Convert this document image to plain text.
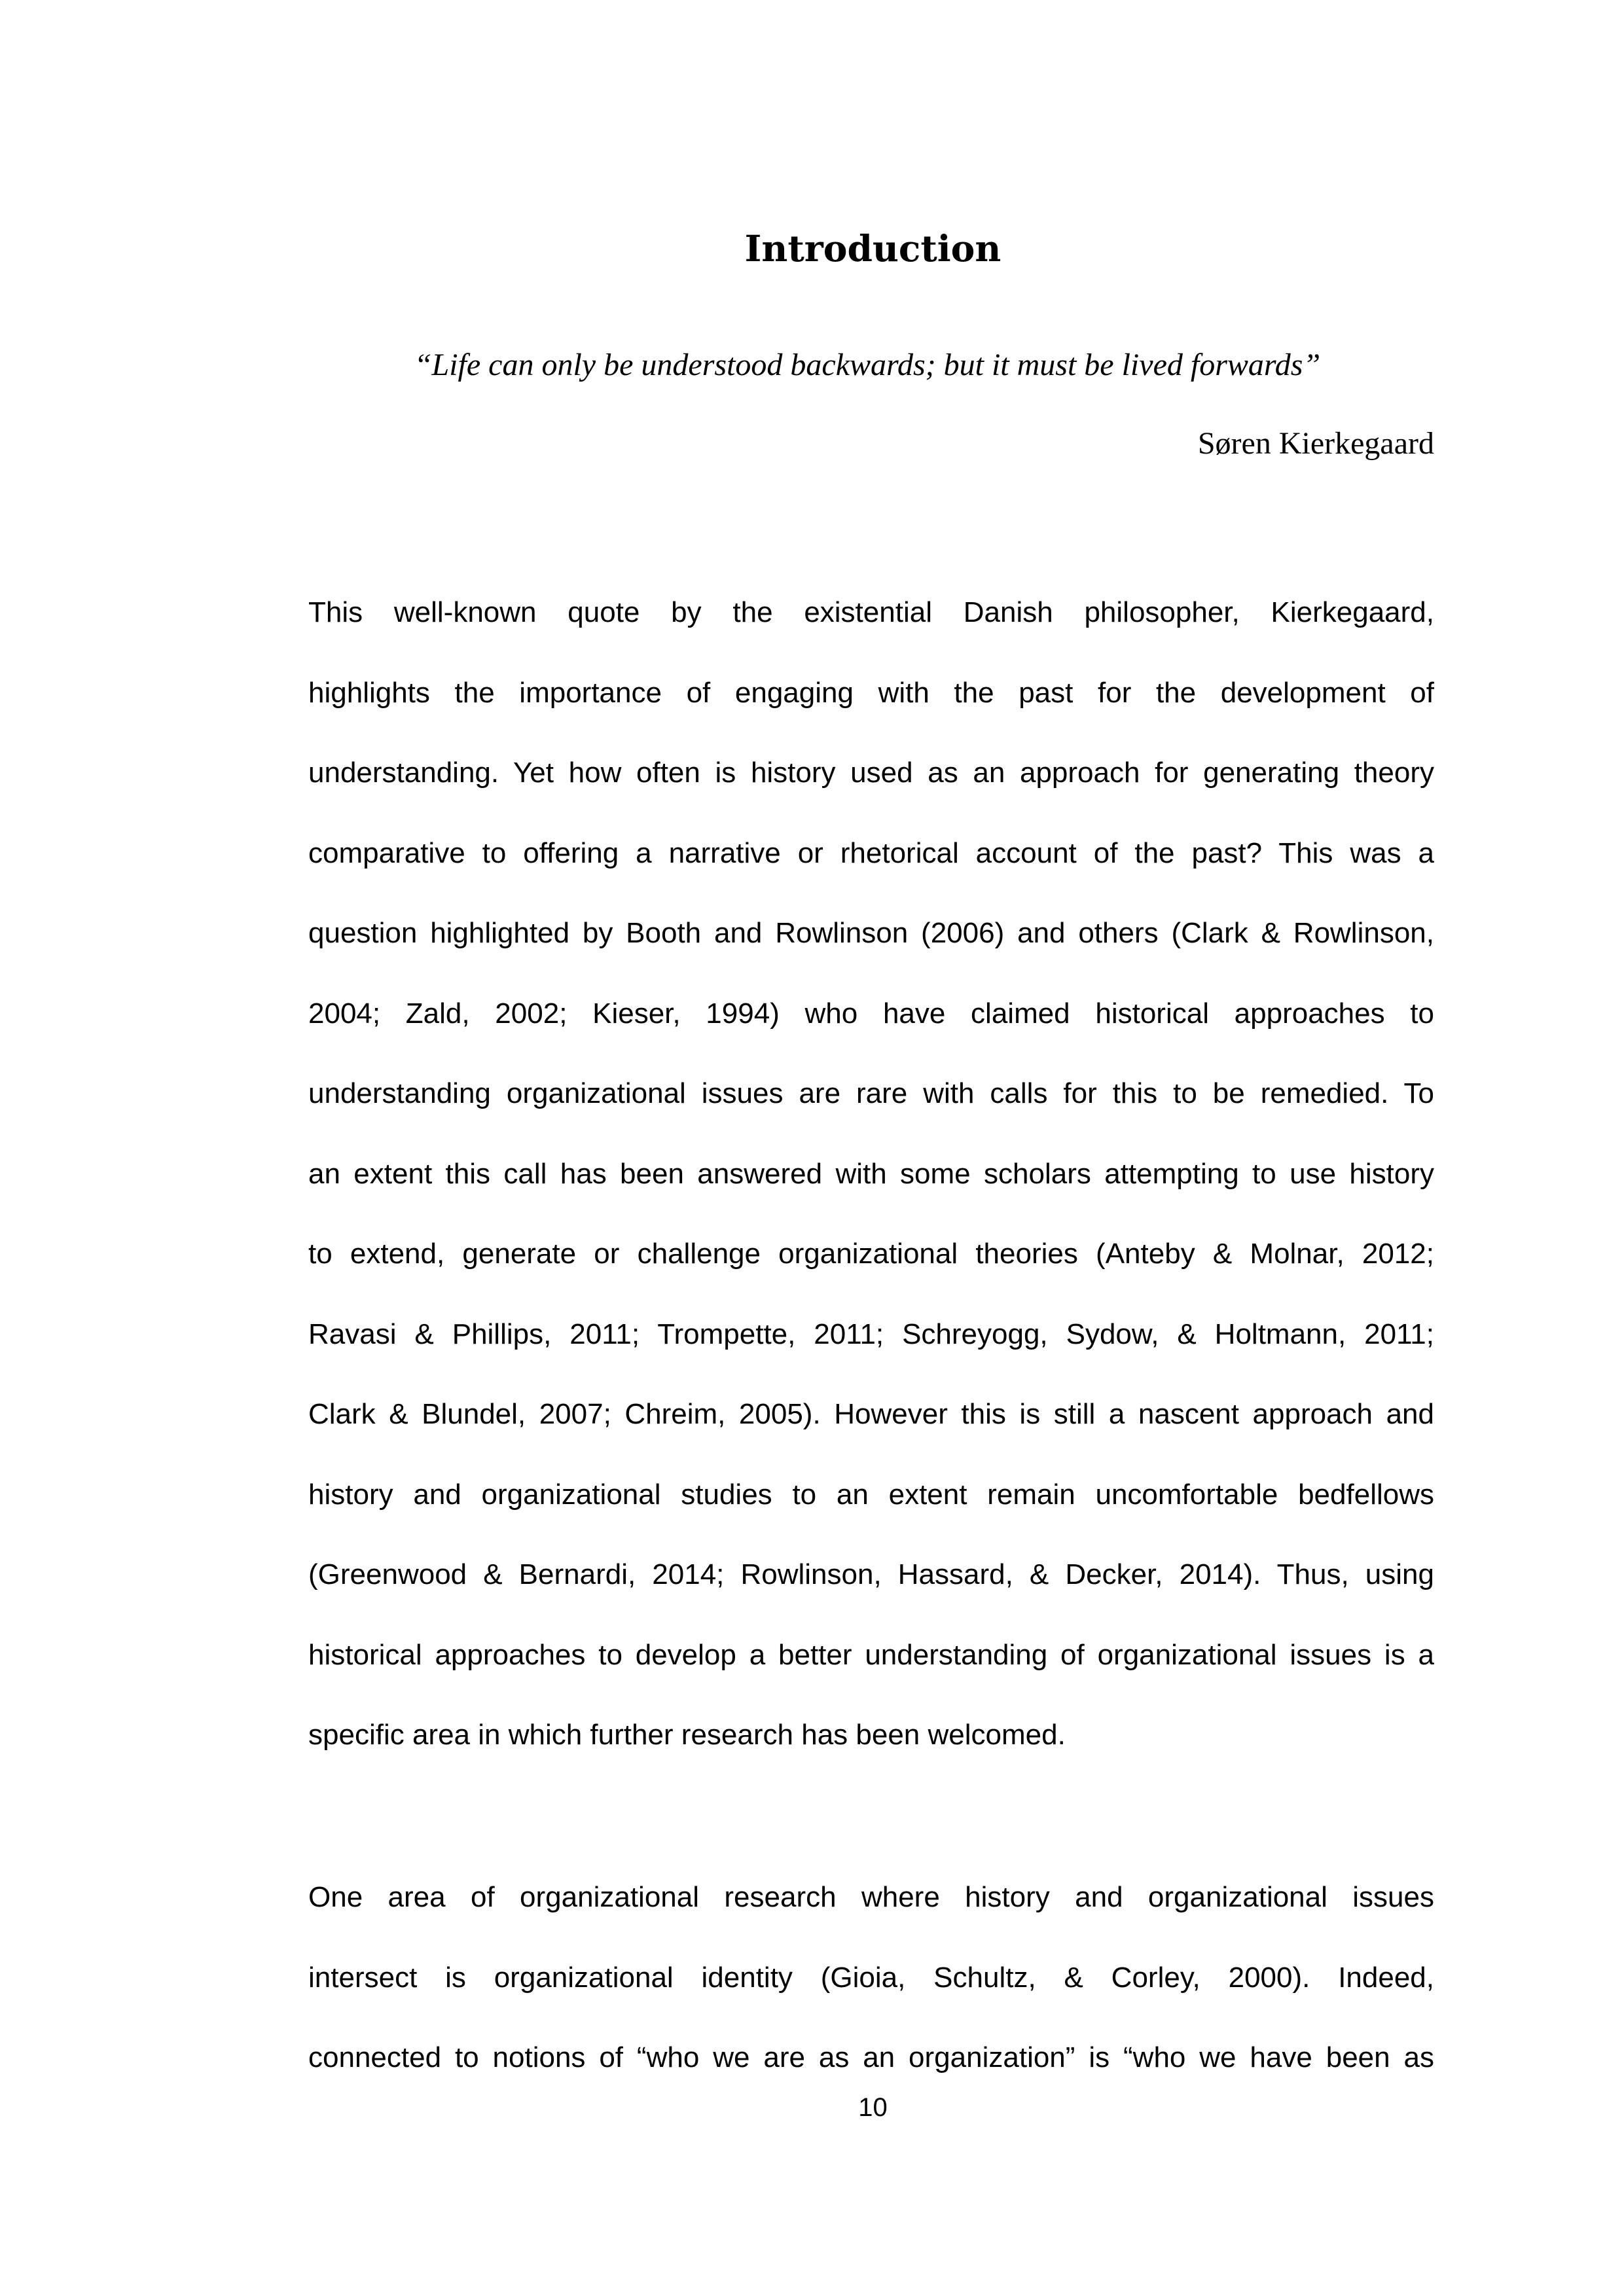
Introduction

“Life can only be understood backwards; but it must be lived forwards”

Søren Kierkegaard

This well-known quote by the existential Danish philosopher, Kierkegaard,
highlights the importance of engaging with the past for the development of
understanding. Yet how often is history used as an approach for generating theory
comparative to offering a narrative or rhetorical account of the past? This was a
question highlighted by Booth and Rowlinson (2006) and others (Clark & Rowlinson,
2004; Zald, 2002; Kieser, 1994) who have claimed historical approaches to
understanding organizational issues are rare with calls for this to be remedied. To
an extent this call has been answered with some scholars attempting to use history
to extend, generate or challenge organizational theories (Anteby & Molnar, 2012;
Ravasi & Phillips, 2011; Trompette, 2011; Schreyogg, Sydow, & Holtmann, 2011;
Clark & Blundel, 2007; Chreim, 2005). However this is still a nascent approach and
history and organizational studies to an extent remain uncomfortable bedfellows
(Greenwood & Bernardi, 2014; Rowlinson, Hassard, & Decker, 2014). Thus, using
historical approaches to develop a better understanding of organizational issues is a
specific area in which further research has been welcomed.
One area of organizational research where history and organizational issues
intersect is organizational identity (Gioia, Schultz, & Corley, 2000). Indeed,
connected to notions of “who we are as an organization” is “who we have been as

10
